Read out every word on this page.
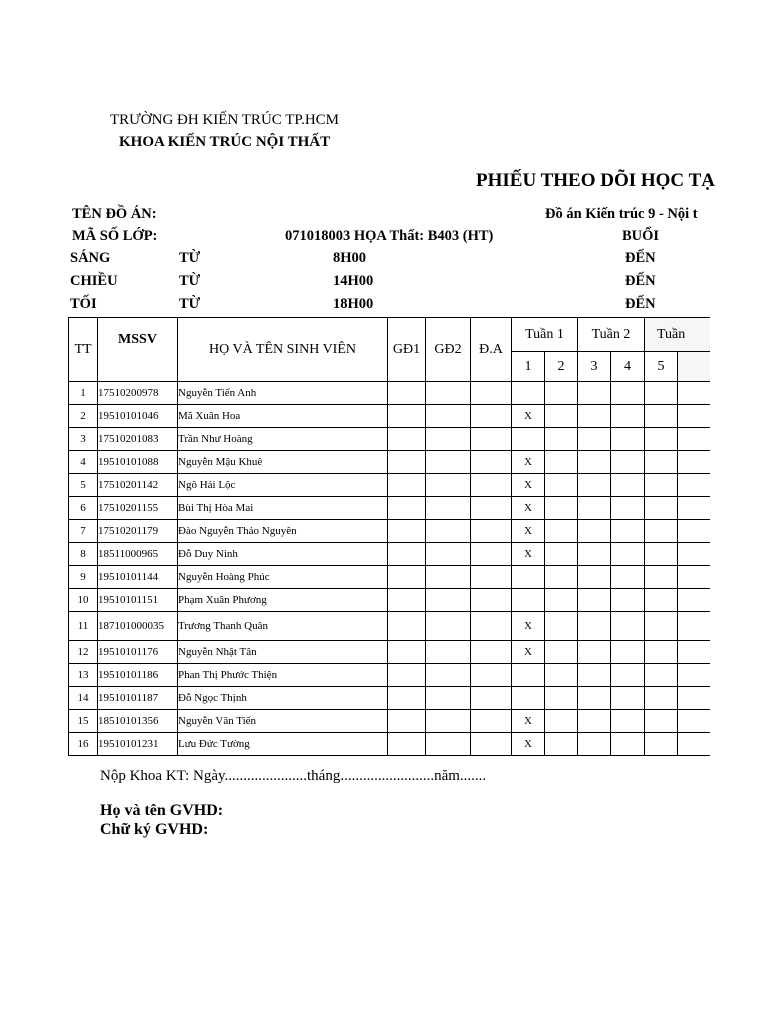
TRƯỜNG ĐH KIẾN TRÚC TP.HCM
KHOA KIẾN TRÚC NỘI THẤT
PHIẾU THEO DÕI HỌC TẠ
TÊN ĐỒ ÁN:	Đồ án Kiến trúc 9 - Nội t
MÃ SỐ LỚP:	071018003 HỌA Thất: B403 (HT)	BUỔI
SÁNG	TỪ	8H00	ĐẾN
CHIỀU	TỪ	14H00	ĐẾN
TỐI	TỪ	18H00	ĐẾN
TT	MSSV	HỌ VÀ TÊN SINH VIÊN	GĐ1	GĐ2	Đ.A	Tuần 1		Tuần 2		Tuần	
						1	2	3	4	5	
1	17510200978	Nguyễn Tiến Anh									
2	19510101046	Mã Xuân Hoa				X					
3	17510201083	Trần Như Hoàng									
4	19510101088	Nguyễn Mậu Khuê				X					
5	17510201142	Ngô Hải Lộc				X					
6	17510201155	Bùi Thị Hòa Mai				X					
7	17510201179	Đào Nguyễn Thảo Nguyên				X					
8	18511000965	Đỗ Duy Ninh				X					
9	19510101144	Nguyễn Hoàng Phúc									
10	19510101151	Phạm Xuân Phương									
11	187101000035	Trương Thanh Quân				X					
12	19510101176	Nguyễn Nhật Tân				X					
13	19510101186	Phan Thị Phước Thiện									
14	19510101187	Đỗ Ngọc Thịnh									
15	18510101356	Nguyễn Văn Tiến				X					
16	19510101231	Lưu Đức Tường				X					
Nộp Khoa KT: Ngày......................tháng.........................năm.......
Họ và tên GVHD:
Chữ ký GVHD:
